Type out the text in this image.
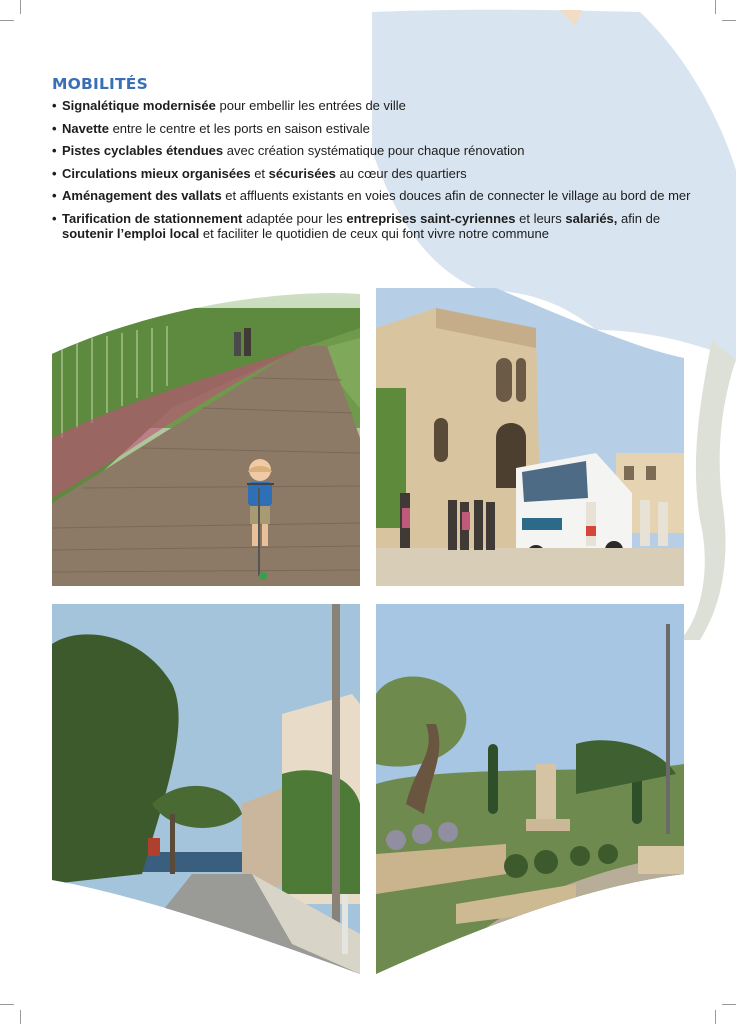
MOBILITÉS
• Signalétique modernisée pour embellir les entrées de ville
• Navette entre le centre et les ports en saison estivale
• Pistes cyclables étendues avec création systématique pour chaque rénovation
• Circulations mieux organisées et sécurisées au cœur des quartiers
• Aménagement des vallats et affluents existants en voies douces afin de connecter le village au bord de mer
• Tarification de stationnement adaptée pour les entreprises saint-cyriennes et leurs salariés, afin de soutenir l’emploi local et faciliter le quotidien de ceux qui font vivre notre commune
